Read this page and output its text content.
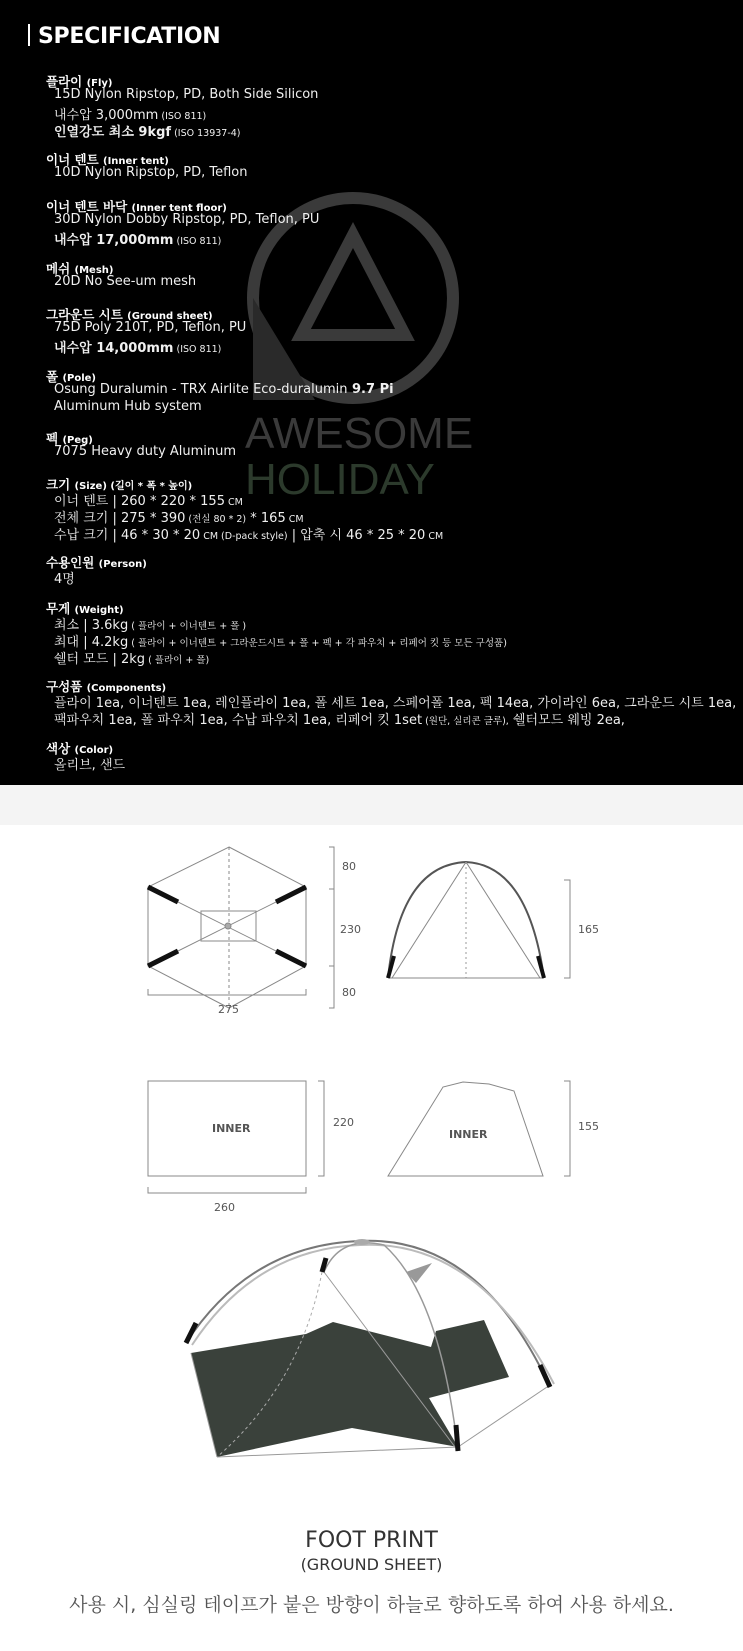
AWESOME
HOLIDAY
SPECIFICATION
플라이 (Fly)
15D Nylon Ripstop, PD, Both Side Silicon
내수압 3,000mm (ISO 811)
인열강도 최소 9kgf (ISO 13937-4)
이너 텐트 (Inner tent)
10D Nylon Ripstop, PD, Teflon
이너 텐트 바닥 (Inner tent floor)
30D Nylon Dobby Ripstop, PD, Teflon, PU
내수압 17,000mm (ISO 811)
메쉬 (Mesh)
20D No See-um mesh
그라운드 시트 (Ground sheet)
75D Poly 210T, PD, Teflon, PU
내수압 14,000mm (ISO 811)
폴 (Pole)
Osung Duralumin - TRX Airlite Eco-duralumin 9.7 Pi
Aluminum Hub system
펙 (Peg)
7075 Heavy duty Aluminum
크기 (Size) (길이 * 폭 * 높이)
이너 텐트 | 260 * 220 * 155 CM
전체 크기 | 275 * 390 (전실 80 * 2) * 165 CM
수납 크기 | 46 * 30 * 20 CM (D-pack style) | 압축 시 46 * 25 * 20 CM
수용인원 (Person)
4명
무게 (Weight)
최소 | 3.6kg ( 플라이 + 이너텐트 + 폴 )
최대 | 4.2kg ( 플라이 + 이너텐트 + 그라운드시트 + 폴 + 펙 + 각 파우치 + 리페어 킷 등 모든 구성품)
쉘터 모드 | 2kg ( 플라이 + 폴)
구성품 (Components)
플라이 1ea, 이너텐트 1ea, 레인플라이 1ea, 폴 세트 1ea, 스페어폴 1ea, 펙 14ea, 가이라인 6ea, 그라운드 시트 1ea,
팩파우치 1ea, 폴 파우치 1ea, 수납 파우치 1ea, 리페어 킷 1set (원단, 실리콘 글루), 쉘터모드 웨빙 2ea,
색상 (Color)
올리브, 샌드
80
230
80
275
165
INNER	220
260
INNER
155
FOOT PRINT
(GROUND SHEET)
사용 시, 심실링 테이프가 붙은 방향이 하늘로 향하도록 하여 사용 하세요.
